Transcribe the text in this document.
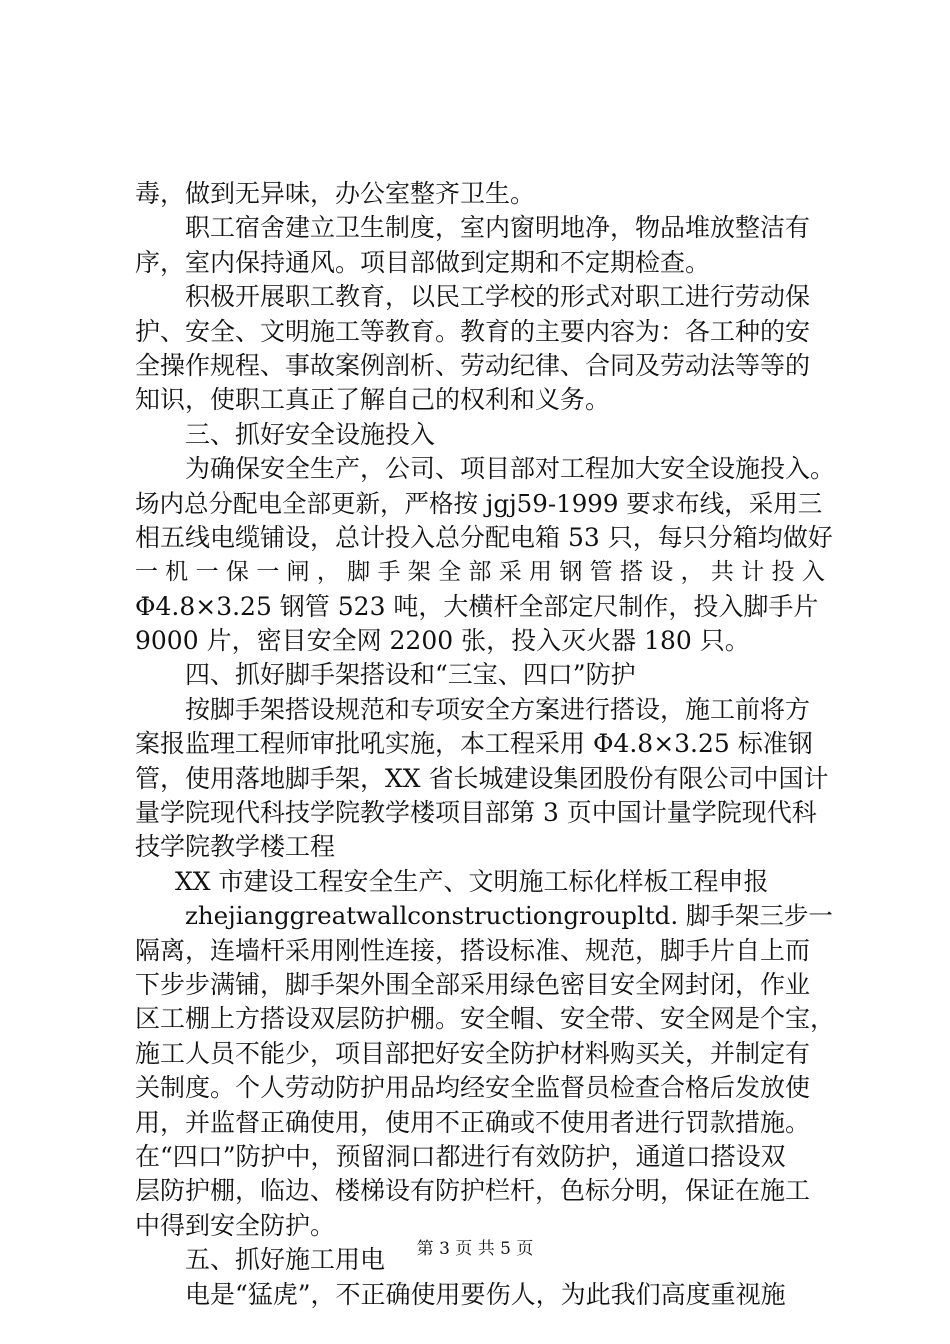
毒，做到无异味，办公室整齐卫生。
职工宿舍建立卫生制度，室内窗明地净，物品堆放整洁有
序，室内保持通风。项目部做到定期和不定期检查。
积极开展职工教育，以民工学校的形式对职工进行劳动保
护、安全、文明施工等教育。教育的主要内容为：各工种的安
全操作规程、事故案例剖析、劳动纪律、合同及劳动法等等的
知识，使职工真正了解自己的权利和义务。
三、抓好安全设施投入
为确保安全生产，公司、项目部对工程加大安全设施投入。
场内总分配电全部更新，严格按 jgj59-1999 要求布线，采用三
相五线电缆铺设，总计投入总分配电箱 53 只，每只分箱均做好
一 机 一 保 一 闸 ， 脚 手 架 全 部 采 用 钢 管 搭 设 ， 共 计 投 入
Φ4.8×3.25 钢管 523 吨，大横杆全部定尺制作，投入脚手片
9000 片，密目安全网 2200 张，投入灭火器 180 只。
四、抓好脚手架搭设和“三宝、四口”防护
按脚手架搭设规范和专项安全方案进行搭设，施工前将方
案报监理工程师审批吼实施，本工程采用 Φ4.8×3.25 标准钢
管，使用落地脚手架，XX 省长城建设集团股份有限公司中国计
量学院现代科技学院教学楼项目部第 3 页中国计量学院现代科
技学院教学楼工程
XX 市建设工程安全生产、文明施工标化样板工程申报
zhejianggreatwallconstructiongroupltd. 脚手架三步一
隔离，连墙杆采用刚性连接，搭设标准、规范，脚手片自上而
下步步满铺，脚手架外围全部采用绿色密目安全网封闭，作业
区工棚上方搭设双层防护棚。安全帽、安全带、安全网是个宝，
施工人员不能少，项目部把好安全防护材料购买关，并制定有
关制度。个人劳动防护用品均经安全监督员检查合格后发放使
用，并监督正确使用，使用不正确或不使用者进行罚款措施。
在“四口”防护中，预留洞口都进行有效防护，通道口搭设双
层防护棚，临边、楼梯设有防护栏杆，色标分明，保证在施工
中得到安全防护。
五、抓好施工用电
电是“猛虎”，不正确使用要伤人，为此我们高度重视施
第 3 页 共 5 页
